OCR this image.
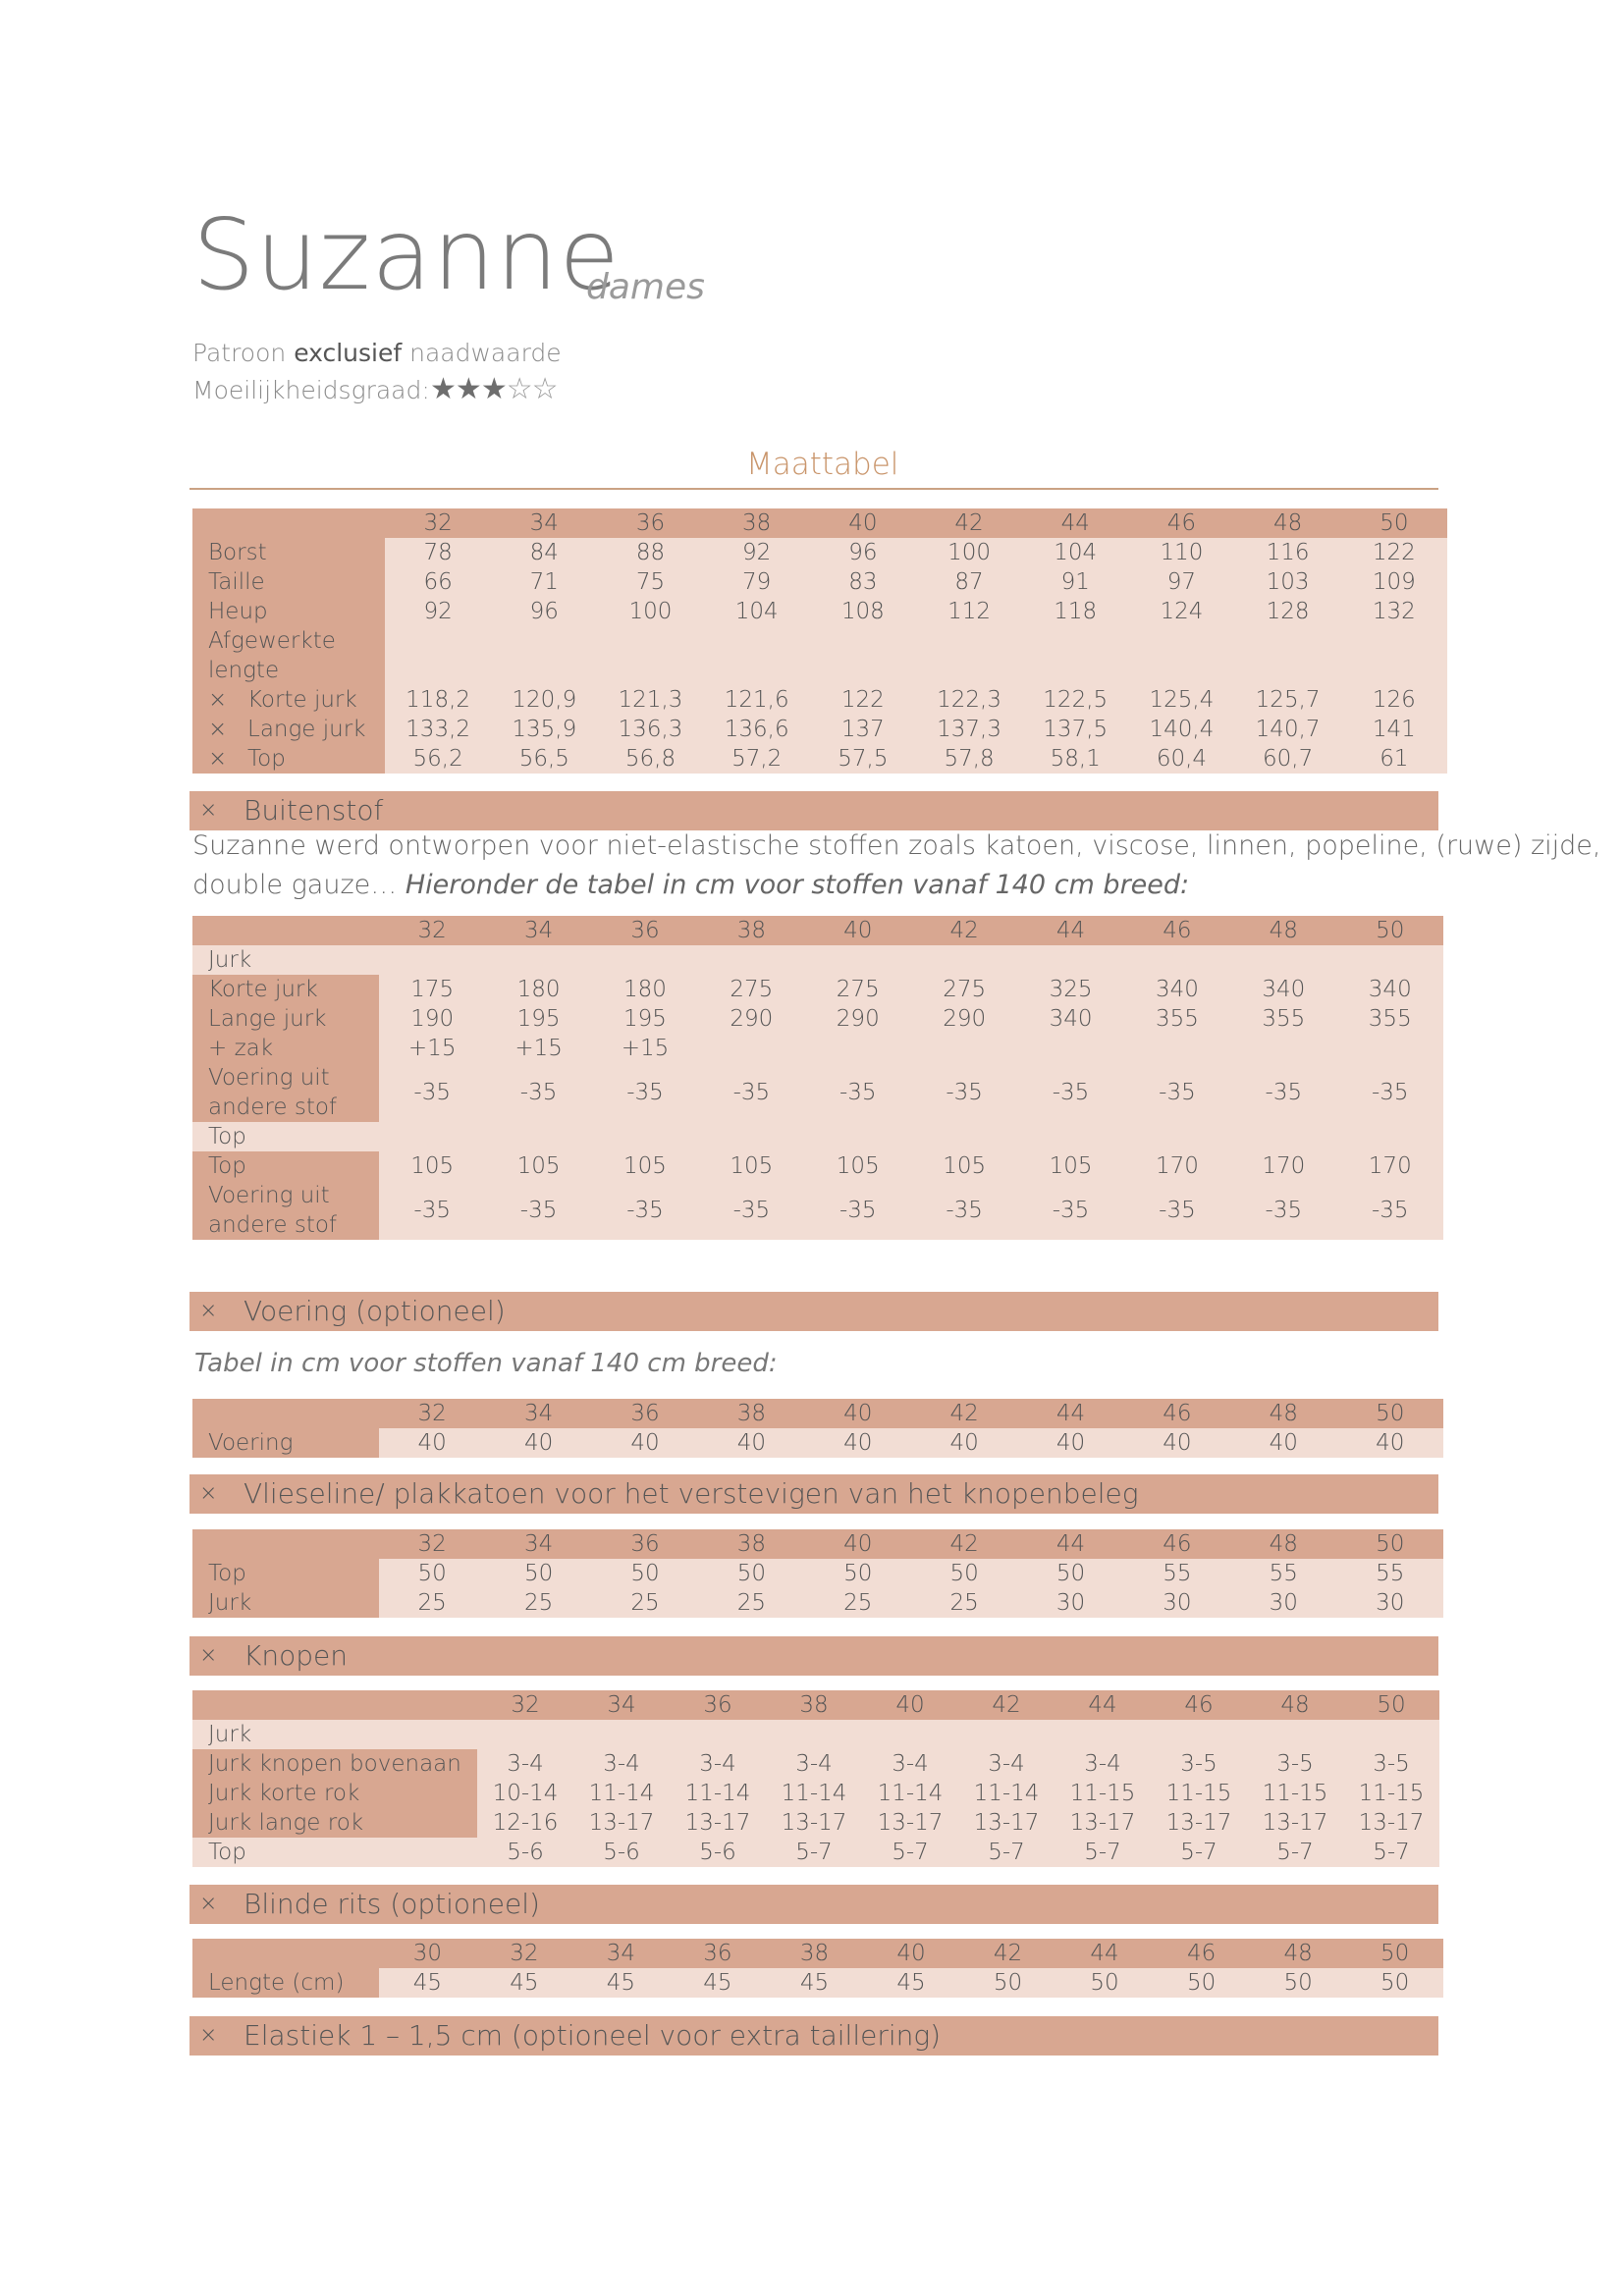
Suzanne
dames
Patroon exclusief naadwaarde
Moeilijkheidsgraad: ★★★☆☆
Maattabel
	32	34	36	38	40	42	44	46	48	50
Borst	78	84	88	92	96	100	104	110	116	122
Taille	66	71	75	79	83	87	91	97	103	109
Heup	92	96	100	104	108	112	118	124	128	132
Afgewerkte										
lengte										
× Korte jurk	118,2	120,9	121,3	121,6	122	122,3	122,5	125,4	125,7	126
× Lange jurk	133,2	135,9	136,3	136,6	137	137,3	137,5	140,4	140,7	141
× Top	56,2	56,5	56,8	57,2	57,5	57,8	58,1	60,4	60,7	61
× Buitenstof
Suzanne werd ontworpen voor niet-elastische stoffen zoals katoen, viscose, linnen, popeline, (ruwe) zijde,
double gauze… Hieronder de tabel in cm voor stoffen vanaf 140 cm breed:
	32	34	36	38	40	42	44	46	48	50
Jurk										
Korte jurk	175	180	180	275	275	275	325	340	340	340
Lange jurk	190	195	195	290	290	290	340	355	355	355
+ zak	+15	+15	+15							
Voering uit
andere stof	-35	-35	-35	-35	-35	-35	-35	-35	-35	-35
Top										
Top	105	105	105	105	105	105	105	170	170	170
Voering uit
andere stof	-35	-35	-35	-35	-35	-35	-35	-35	-35	-35
× Voering (optioneel)
Tabel in cm voor stoffen vanaf 140 cm breed:
	32	34	36	38	40	42	44	46	48	50
Voering	40	40	40	40	40	40	40	40	40	40
× Vlieseline/ plakkatoen voor het verstevigen van het knopenbeleg
	32	34	36	38	40	42	44	46	48	50
Top	50	50	50	50	50	50	50	55	55	55
Jurk	25	25	25	25	25	25	30	30	30	30
× Knopen
	32	34	36	38	40	42	44	46	48	50
Jurk										
Jurk knopen bovenaan	3-4	3-4	3-4	3-4	3-4	3-4	3-4	3-5	3-5	3-5
Jurk korte rok	10-14	11-14	11-14	11-14	11-14	11-14	11-15	11-15	11-15	11-15
Jurk lange rok	12-16	13-17	13-17	13-17	13-17	13-17	13-17	13-17	13-17	13-17
Top	5-6	5-6	5-6	5-7	5-7	5-7	5-7	5-7	5-7	5-7
× Blinde rits (optioneel)
	30	32	34	36	38	40	42	44	46	48	50
Lengte (cm)	45	45	45	45	45	45	50	50	50	50	50
× Elastiek 1 – 1,5 cm (optioneel voor extra taillering)
